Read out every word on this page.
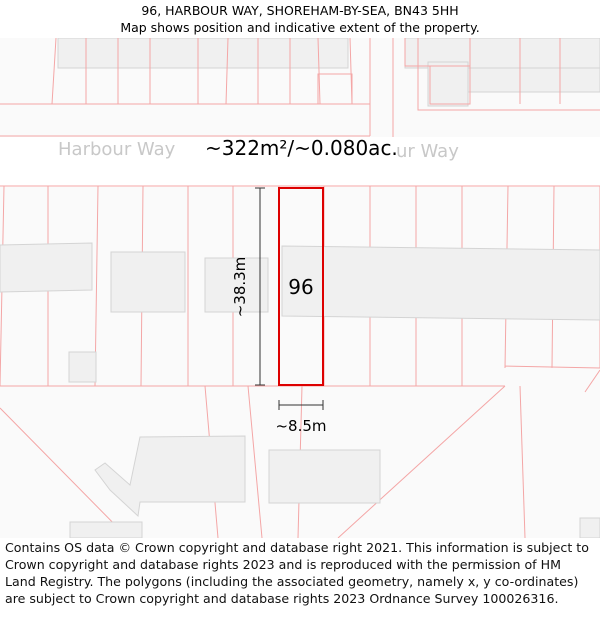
96, HARBOUR WAY, SHOREHAM-BY-SEA, BN43 5HH
Map shows position and indicative extent of the property.
Harbour Way	ur Way
~322m²/~0.080ac.
96
~38.3m
~8.5m
Contains OS data © Crown copyright and database right 2021. This information is subject to Crown copyright and database rights 2023 and is reproduced with the permission of HM Land Registry. The polygons (including the associated geometry, namely x, y co-ordinates) are subject to Crown copyright and database rights 2023 Ordnance Survey 100026316.
